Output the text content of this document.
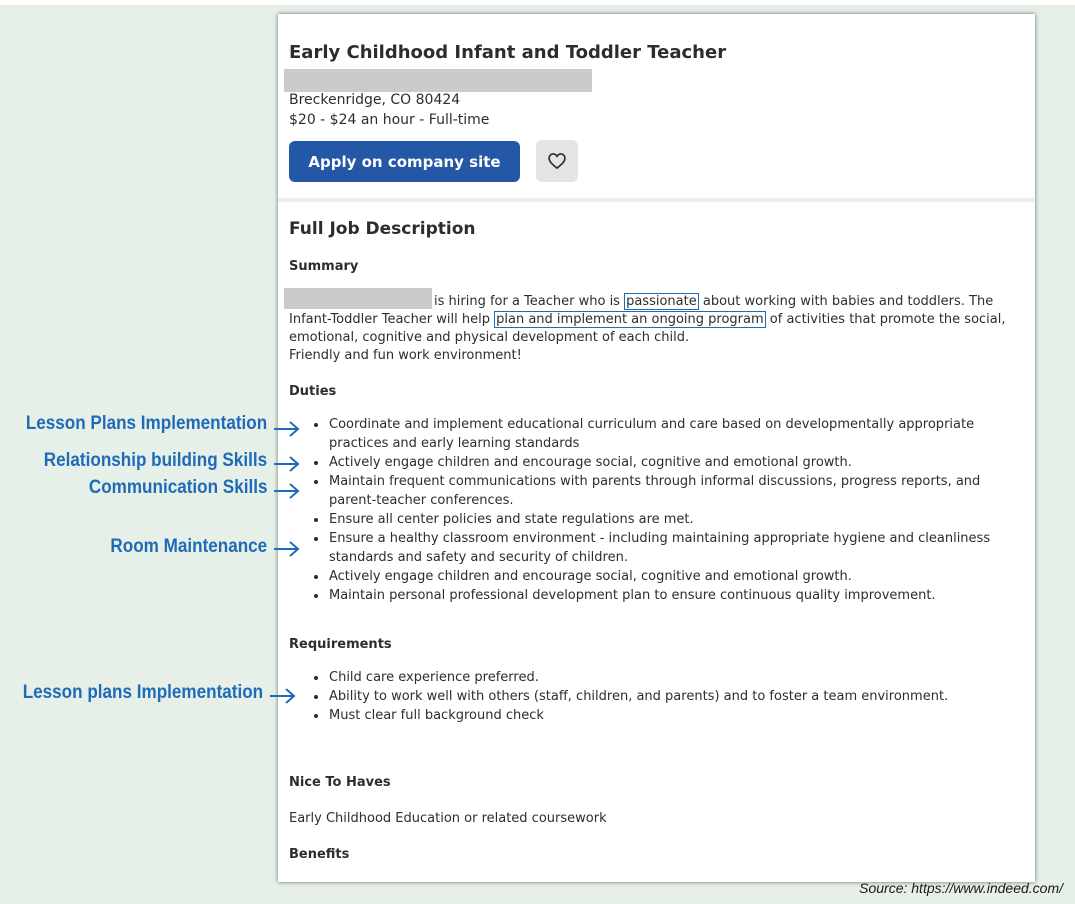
Early Childhood Infant and Toddler Teacher
Breckenridge, CO 80424
$20 - $24 an hour - Full-time
Apply on company site
Full Job Description
Summary
is hiring for a Teacher who is passionate about working with babies and toddlers. The Infant-Toddler Teacher will help plan and implement an ongoing program of activities that promote the social, emotional, cognitive and physical development of each child.
Friendly and fun work environment!
Duties
Coordinate and implement educational curriculum and care based on developmentally appropriate practices and early learning standards
Actively engage children and encourage social, cognitive and emotional growth.
Maintain frequent communications with parents through informal discussions, progress reports, and parent-teacher conferences.
Ensure all center policies and state regulations are met.
Ensure a healthy classroom environment - including maintaining appropriate hygiene and cleanliness standards and safety and security of children.
Actively engage children and encourage social, cognitive and emotional growth.
Maintain personal professional development plan to ensure continuous quality improvement.
Requirements
Child care experience preferred.
Ability to work well with others (staff, children, and parents) and to foster a team environment.
Must clear full background check
Nice To Haves
Early Childhood Education or related coursework
Benefits
Lesson Plans Implementation
Relationship building Skills
Communication Skills
Room Maintenance
Lesson plans Implementation
Source: https://www.indeed.com/
